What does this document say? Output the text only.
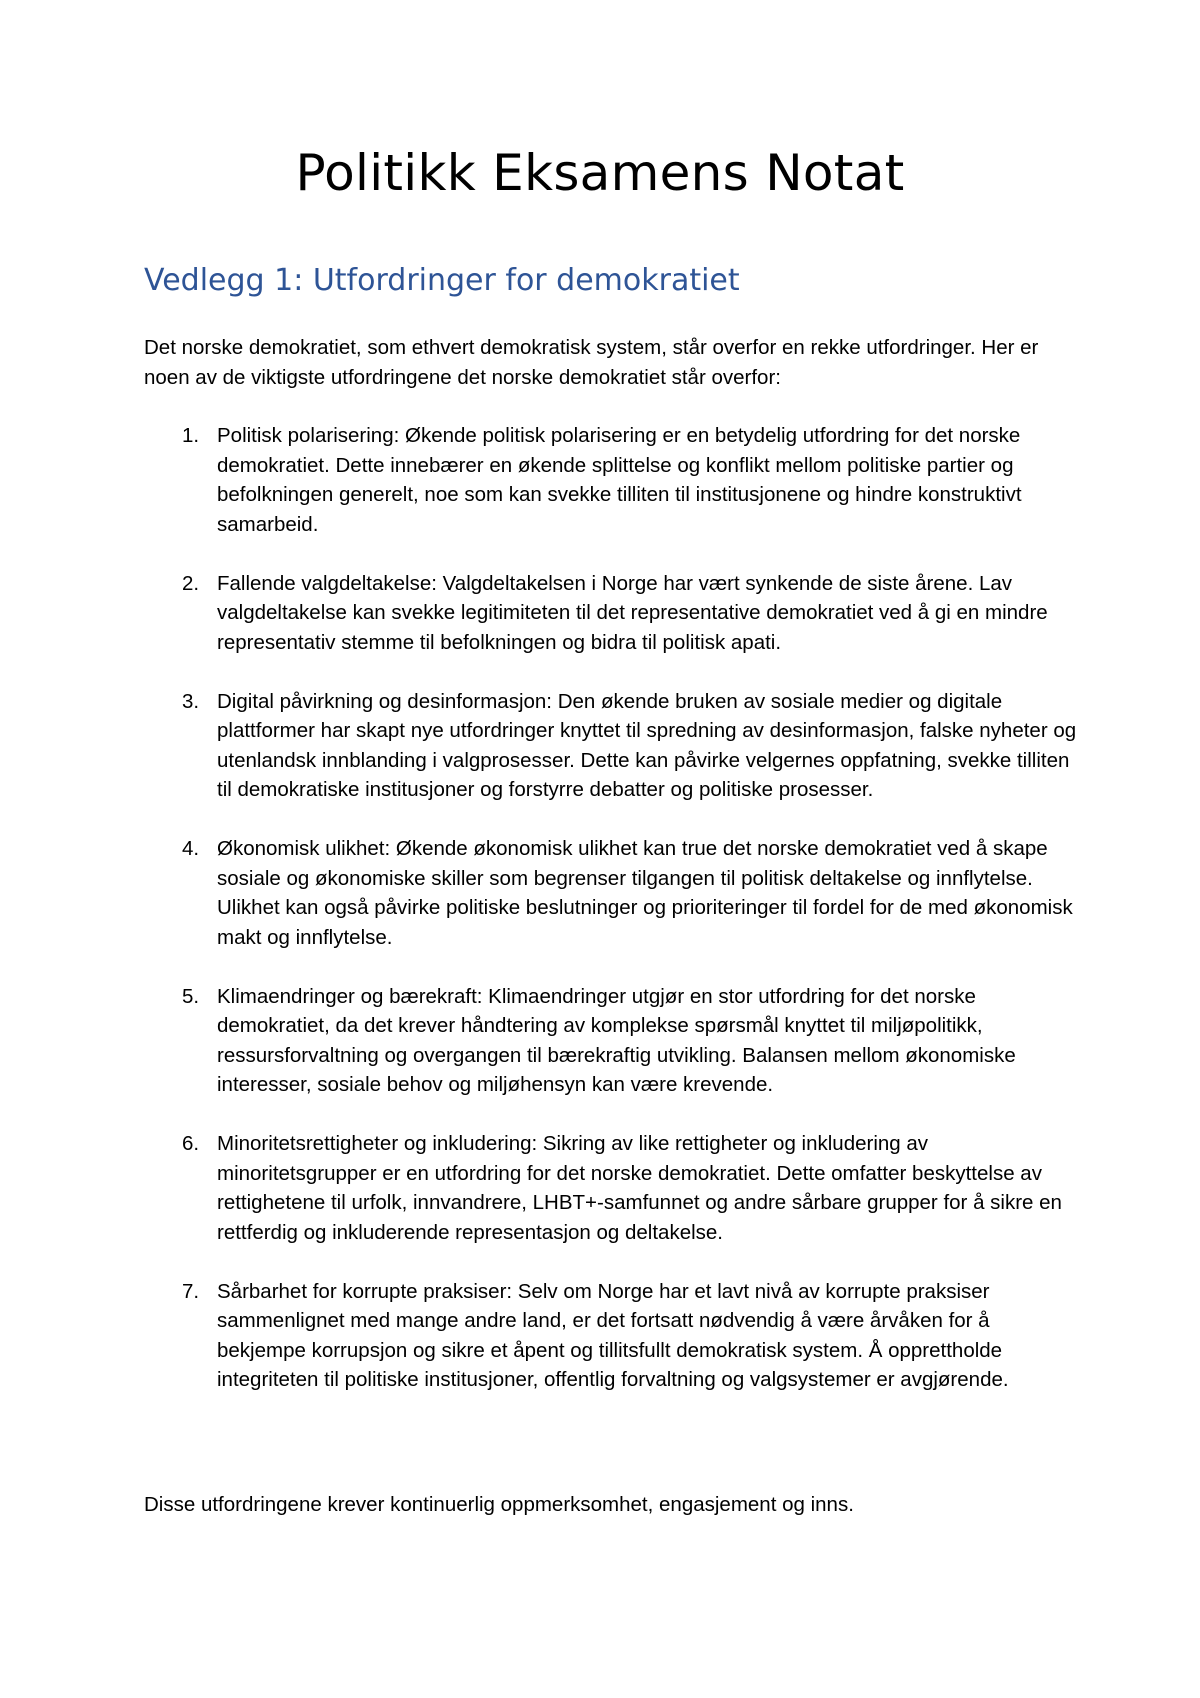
Politikk Eksamens Notat
Vedlegg 1: Utfordringer for demokratiet

Det norske demokratiet, som ethvert demokratisk system, står overfor en rekke utfordringer. Her er noen av de viktigste utfordringene det norske demokratiet står overfor:

1. Politisk polarisering: Økende politisk polarisering er en betydelig utfordring for det norske demokratiet. Dette innebærer en økende splittelse og konflikt mellom politiske partier og befolkningen generelt, noe som kan svekke tilliten til institusjonene og hindre konstruktivt samarbeid.
2. Fallende valgdeltakelse: Valgdeltakelsen i Norge har vært synkende de siste årene. Lav valgdeltakelse kan svekke legitimiteten til det representative demokratiet ved å gi en mindre representativ stemme til befolkningen og bidra til politisk apati.
3. Digital påvirkning og desinformasjon: Den økende bruken av sosiale medier og digitale plattformer har skapt nye utfordringer knyttet til spredning av desinformasjon, falske nyheter og utenlandsk innblanding i valgprosesser. Dette kan påvirke velgernes oppfatning, svekke tilliten til demokratiske institusjoner og forstyrre debatter og politiske prosesser.
4. Økonomisk ulikhet: Økende økonomisk ulikhet kan true det norske demokratiet ved å skape sosiale og økonomiske skiller som begrenser tilgangen til politisk deltakelse og innflytelse. Ulikhet kan også påvirke politiske beslutninger og prioriteringer til fordel for de med økonomisk makt og innflytelse.
5. Klimaendringer og bærekraft: Klimaendringer utgjør en stor utfordring for det norske demokratiet, da det krever håndtering av komplekse spørsmål knyttet til miljøpolitikk, ressursforvaltning og overgangen til bærekraftig utvikling. Balansen mellom økonomiske interesser, sosiale behov og miljøhensyn kan være krevende.
6. Minoritetsrettigheter og inkludering: Sikring av like rettigheter og inkludering av minoritetsgrupper er en utfordring for det norske demokratiet. Dette omfatter beskyttelse av rettighetene til urfolk, innvandrere, LHBT+-samfunnet og andre sårbare grupper for å sikre en rettferdig og inkluderende representasjon og deltakelse.
7. Sårbarhet for korrupte praksiser: Selv om Norge har et lavt nivå av korrupte praksiser sammenlignet med mange andre land, er det fortsatt nødvendig å være årvåken for å bekjempe korrupsjon og sikre et åpent og tillitsfullt demokratisk system. Å opprettholde integriteten til politiske institusjoner, offentlig forvaltning og valgsystemer er avgjørende.

Disse utfordringene krever kontinuerlig oppmerksomhet, engasjement og inns.
